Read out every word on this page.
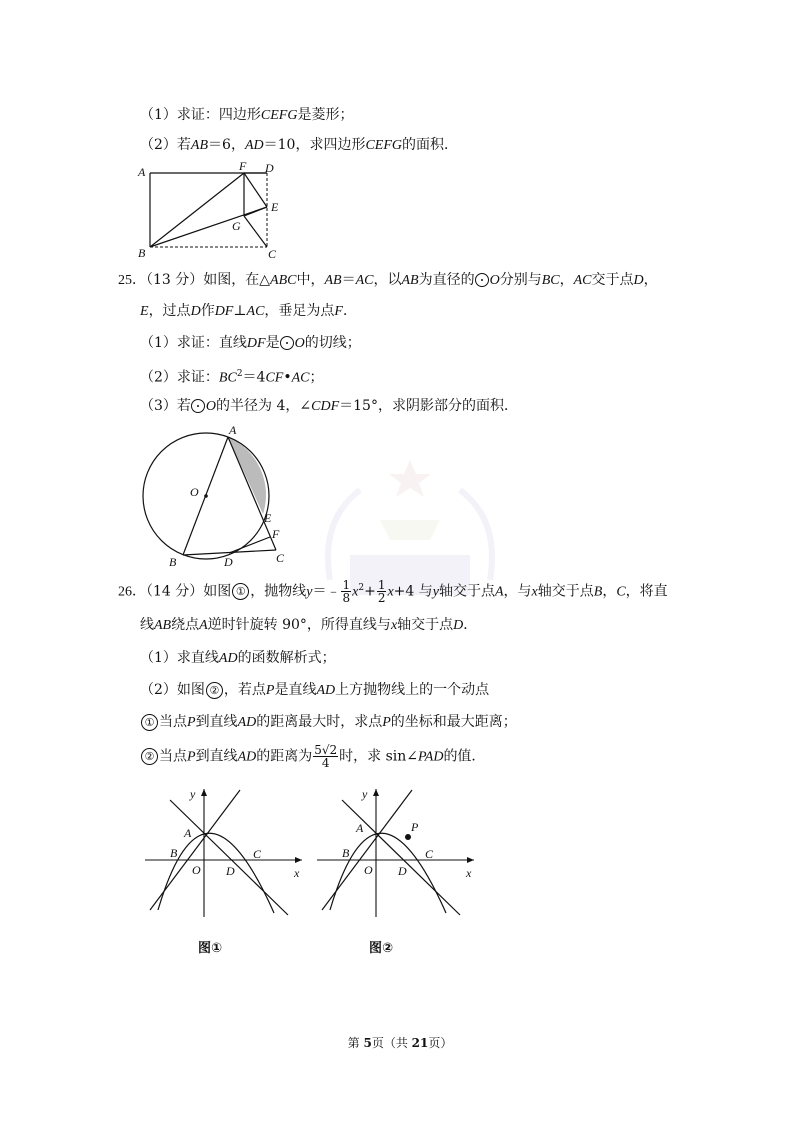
（1）求证：四边形CEFG是菱形；
（2）若AB＝6，AD＝10，求四边形CEFG的面积．
A	F D
E
G
B	C
25．（13 分）如图，在△ABC中，AB＝AC，以AB为直径的 O分别与BC，AC交于点D，
E，过点D作DF⊥AC，垂足为点F．
（1）求证：直线DF是 O的切线；
（2）求证：$BC^2=4CF•AC$；
（3）若 O的半径为 4，∠CDF＝15°，求阴影部分的面积．
A
O
E
F
B	D	C
26．（14 分）如图 ① ，抛物线y＝﹣ $\frac{1}{8} x^2+ \frac{1}{2} x+4$ 与y轴交于点A，与x轴交于点B，C，将直
线AB绕点A逆时针旋转 90°，所得直线与x轴交于点D．
（1）求直线AD的函数解析式；
（2）如图 ② ，若点P是直线AD上方抛物线上的一个动点
① 当点P到直线AD的距离最大时，求点P的坐标和最大距离；
② 当点P到直线AD的距离为 $\frac{5√2}{4}$ 时，求 sin∠PAD的值．
y
A
B
O D
C
x
y
A	P
B
O D
C
x
图①	图②
第 5页（共 21页）
